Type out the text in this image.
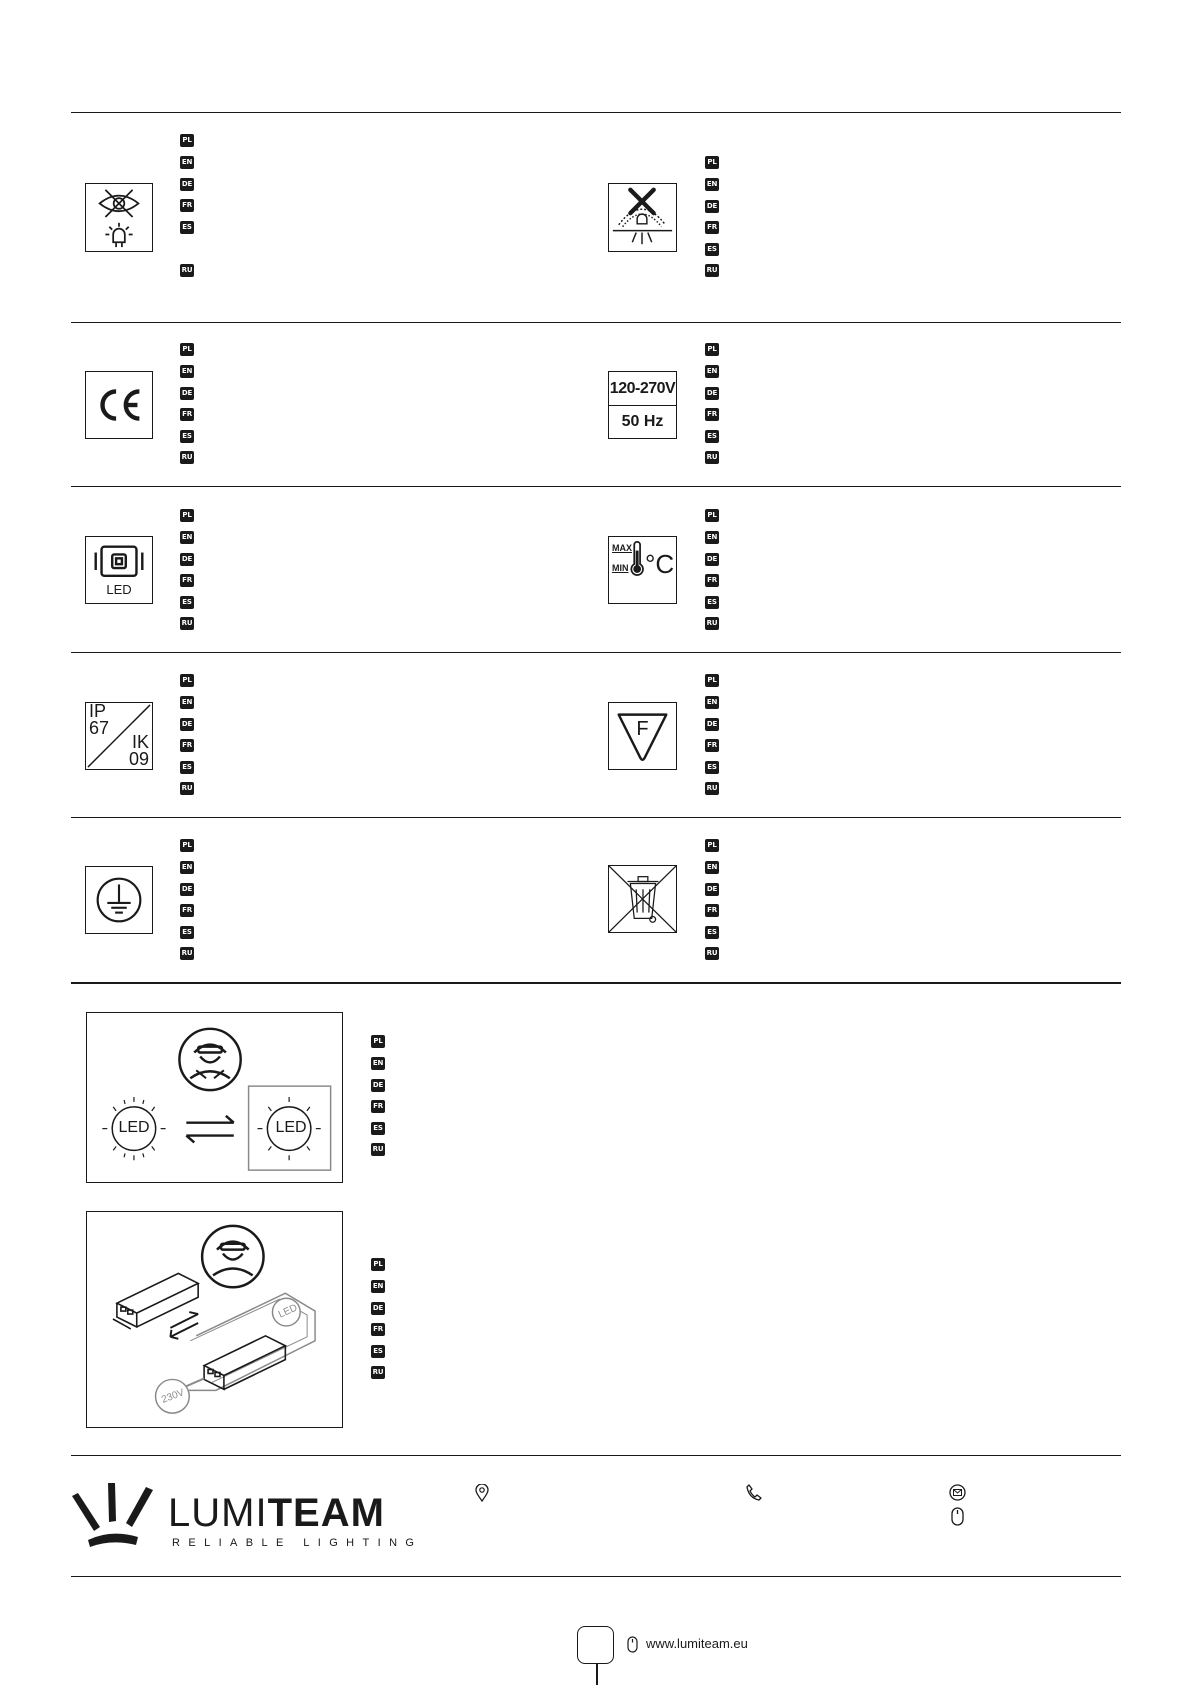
PL
EN
DE
FR
ES
RU
PL
EN
DE
FR
ES
RU
PL
EN
DE
FR
ES
RU
120-270V
50 Hz
PL
EN
DE
FR
ES
RU
LED
PL
EN
DE
FR
ES
RU
MAX
MIN °C
PL
EN
DE
FR
ES
RU
IP
67
IK
09
PL
EN
DE
FR
ES
RU
F
PL
EN
DE
FR
ES
RU
PL
EN
DE
FR
ES
RU
PL
EN
DE
FR
ES
RU
LED	LED
PL
EN
DE
FR
ES
RU
LED
230V
PL
EN
DE
FR
ES
RU
LUMITEAM
RELIABLE LIGHTING
www.lumiteam.eu
